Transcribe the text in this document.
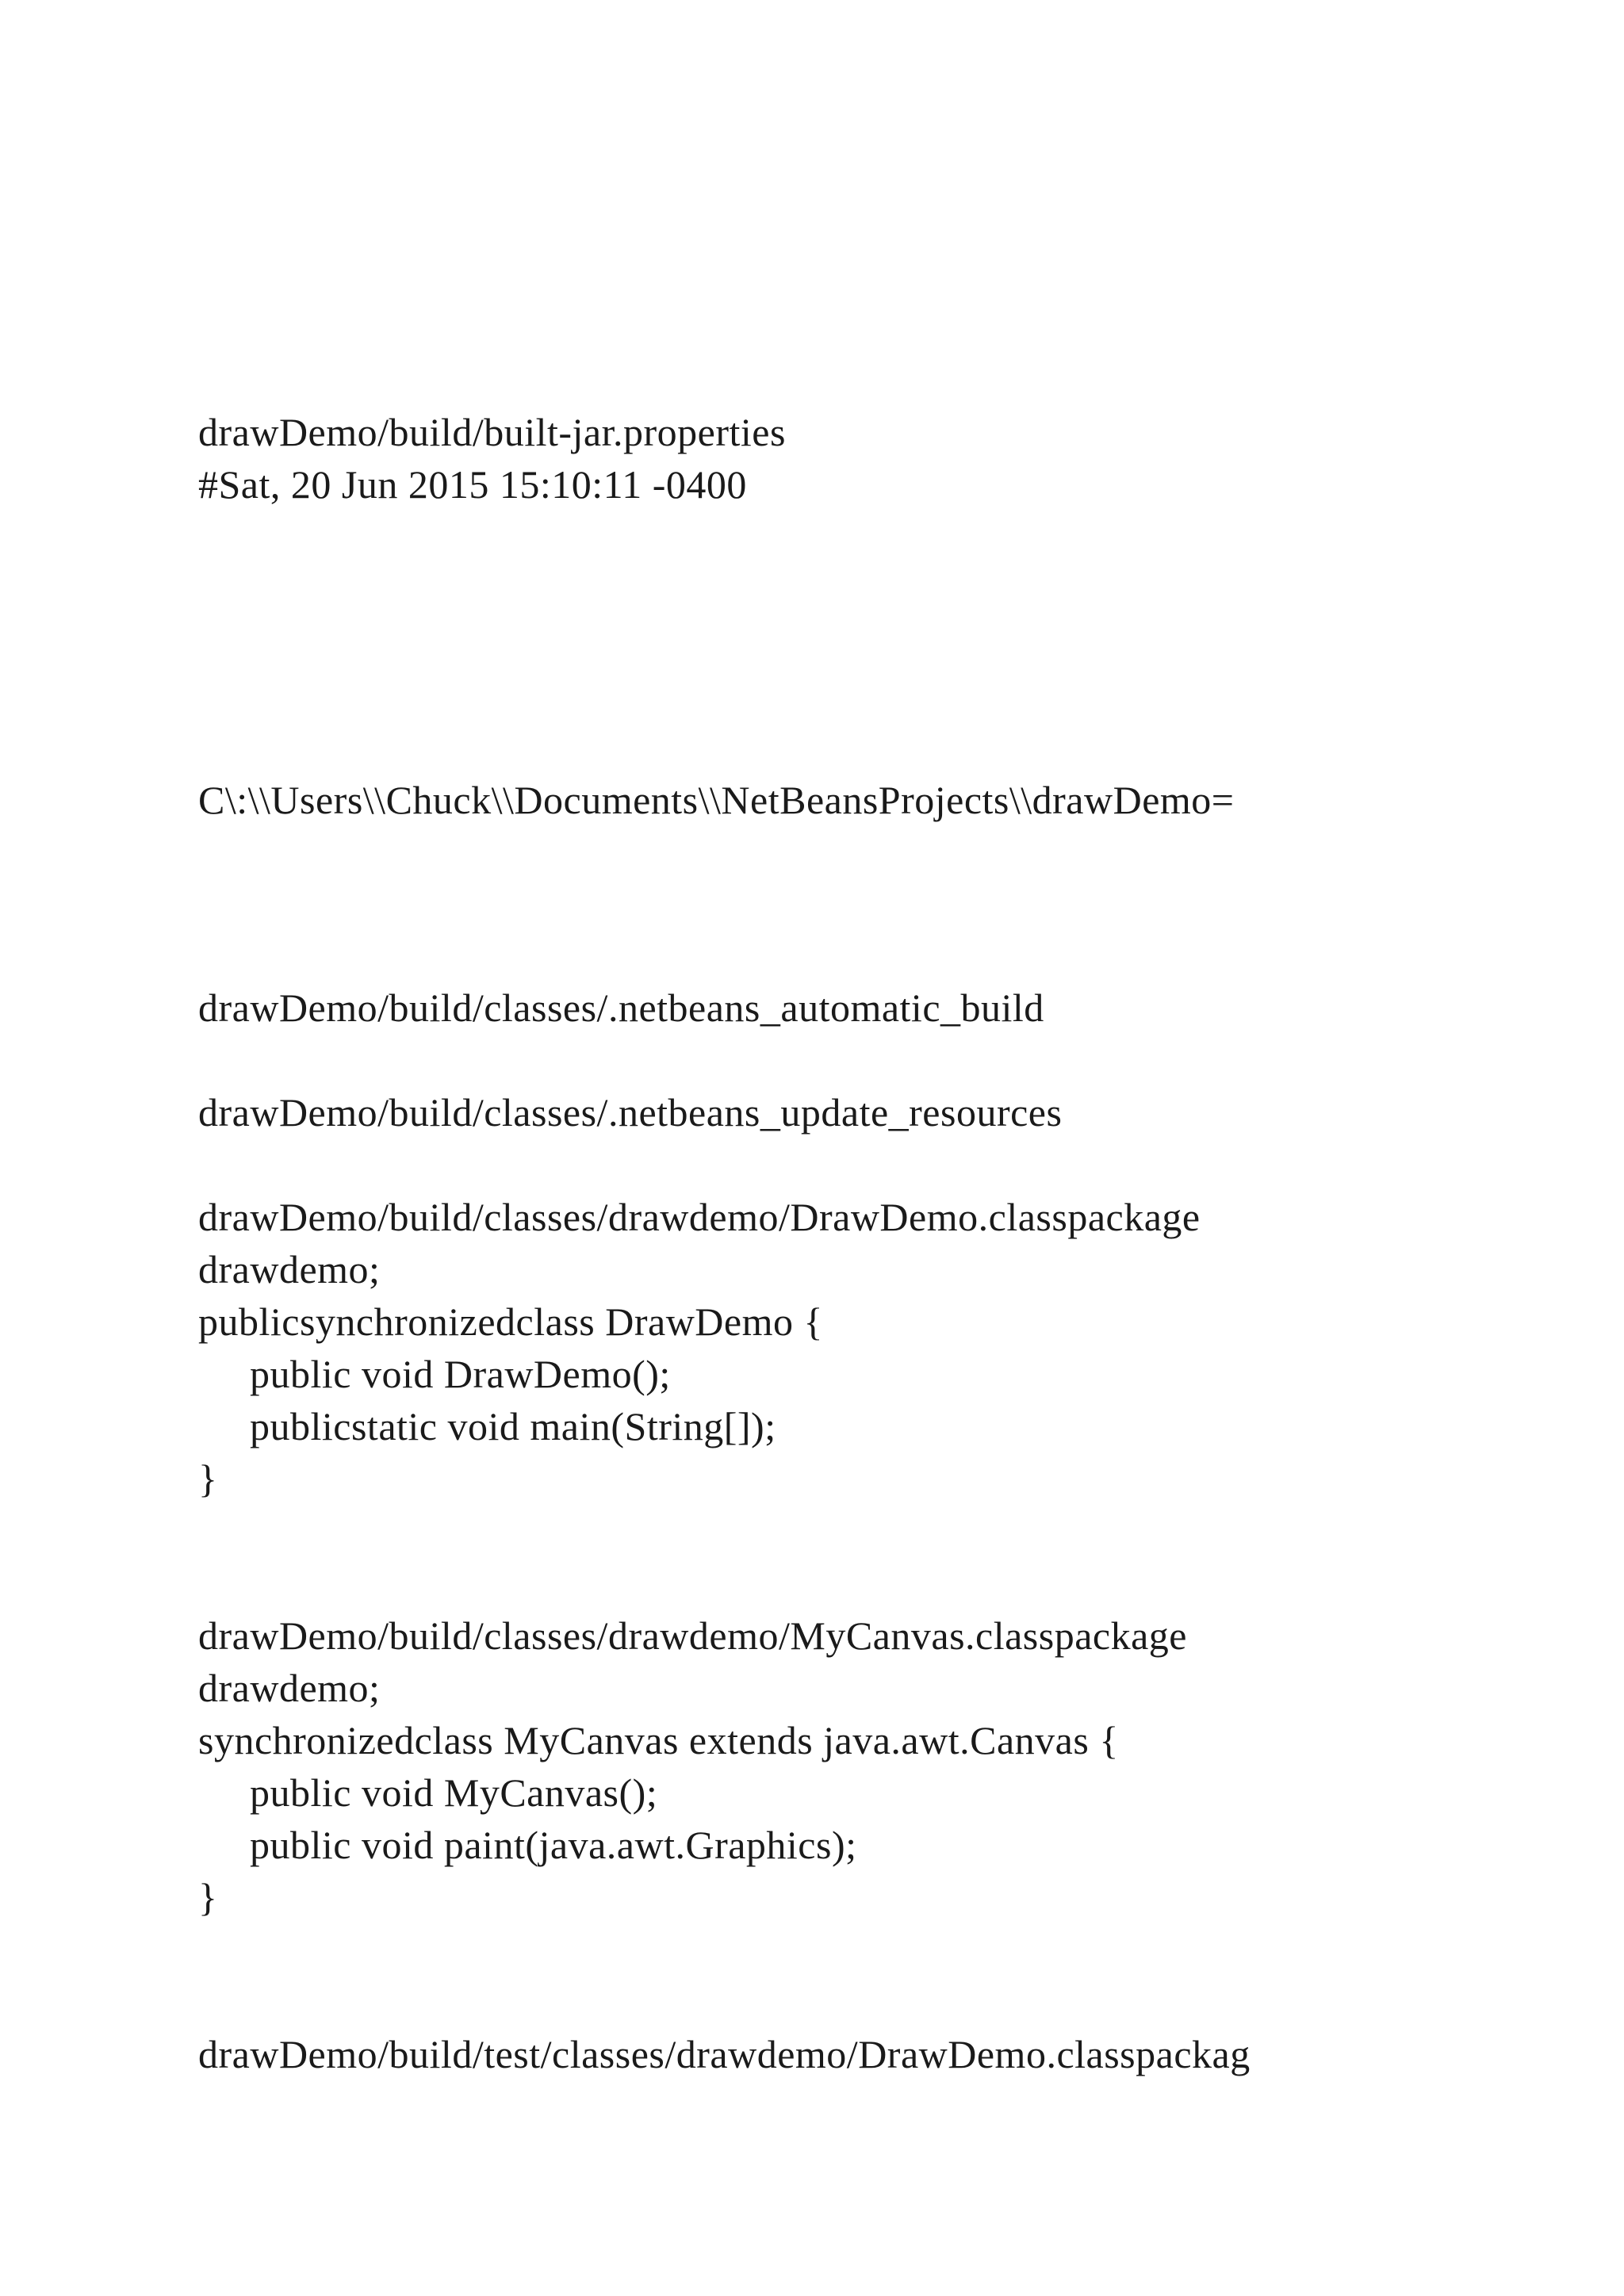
drawDemo/build/built-jar.properties
#Sat, 20 Jun 2015 15:10:11 -0400
C\:\\Users\\Chuck\\Documents\\NetBeansProjects\\drawDemo=
drawDemo/build/classes/.netbeans_automatic_build
drawDemo/build/classes/.netbeans_update_resources
drawDemo/build/classes/drawdemo/DrawDemo.classpackage
drawdemo;
publicsynchronizedclass DrawDemo {
public void DrawDemo();
publicstatic void main(String[]);
}
drawDemo/build/classes/drawdemo/MyCanvas.classpackage
drawdemo;
synchronizedclass MyCanvas extends java.awt.Canvas {
public void MyCanvas();
public void paint(java.awt.Graphics);
}
drawDemo/build/test/classes/drawdemo/DrawDemo.classpackag
